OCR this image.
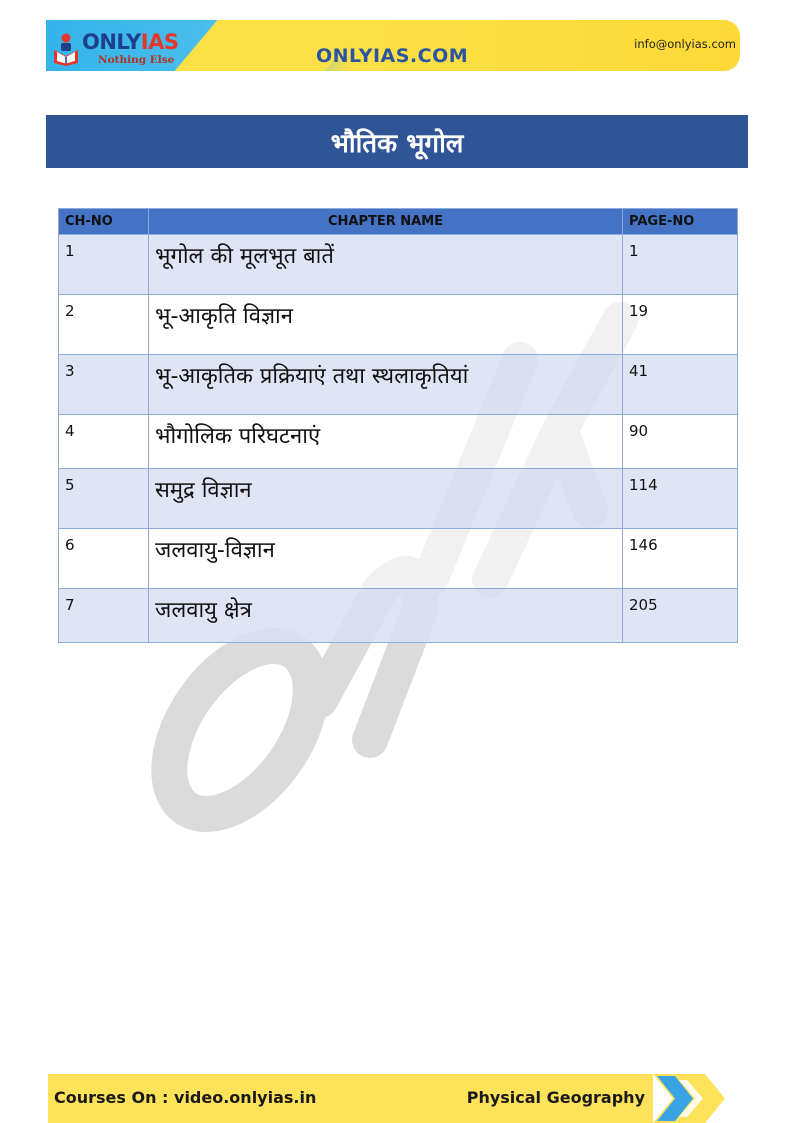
ONLYIAS
Nothing Else	ONLYIAS.COM
info@onlyias.com
भौतिक भूगोल
CH-NO	CHAPTER NAME	PAGE-NO
1	भूगोल की मूलभूत बातें	1
2	भू-आकृति विज्ञान	19
3	भू-आकृतिक प्रक्रियाएं तथा स्थलाकृतियां	41
4	भौगोलिक परिघटनाएं	90
5	समुद्र विज्ञान	114
6	जलवायु-विज्ञान	146
7	जलवायु क्षेत्र	205
Courses On : video.onlyias.in	Physical Geography
